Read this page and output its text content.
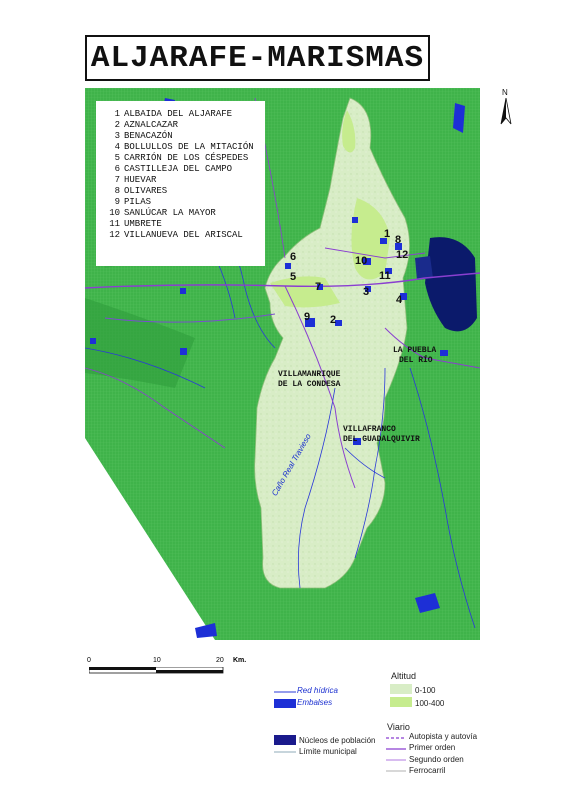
ALJARAFE-MARISMAS
1
2
3
4
5
6
7
8
9
10
11
12
LA PUEBLA
DEL RÍO
VILLAMANRIQUE
DE LA CONDESA
VILLAFRANCO
DEL GUADALQUIVIR
Caño Real Travieso
1 ALBAIDA DEL ALJARAFE
2 AZNALCAZAR
3 BENACAZÓN
4 BOLLULLOS DE LA MITACIÓN
5 CARRIÓN DE LOS CÉSPEDES
6 CASTILLEJA DEL CAMPO
7 HUEVAR
8 OLIVARES
9 PILAS
10 SANLÚCAR LA MAYOR
11 UMBRETE
12 VILLANUEVA DEL ARISCAL
N
0	10	20 Km.
Red hídrica
Embalses
Altitud
0-100
100-400
Núcleos de población
Límite municipal
Viario
Autopista y autovía
Primer orden
Segundo orden
Ferrocarril
